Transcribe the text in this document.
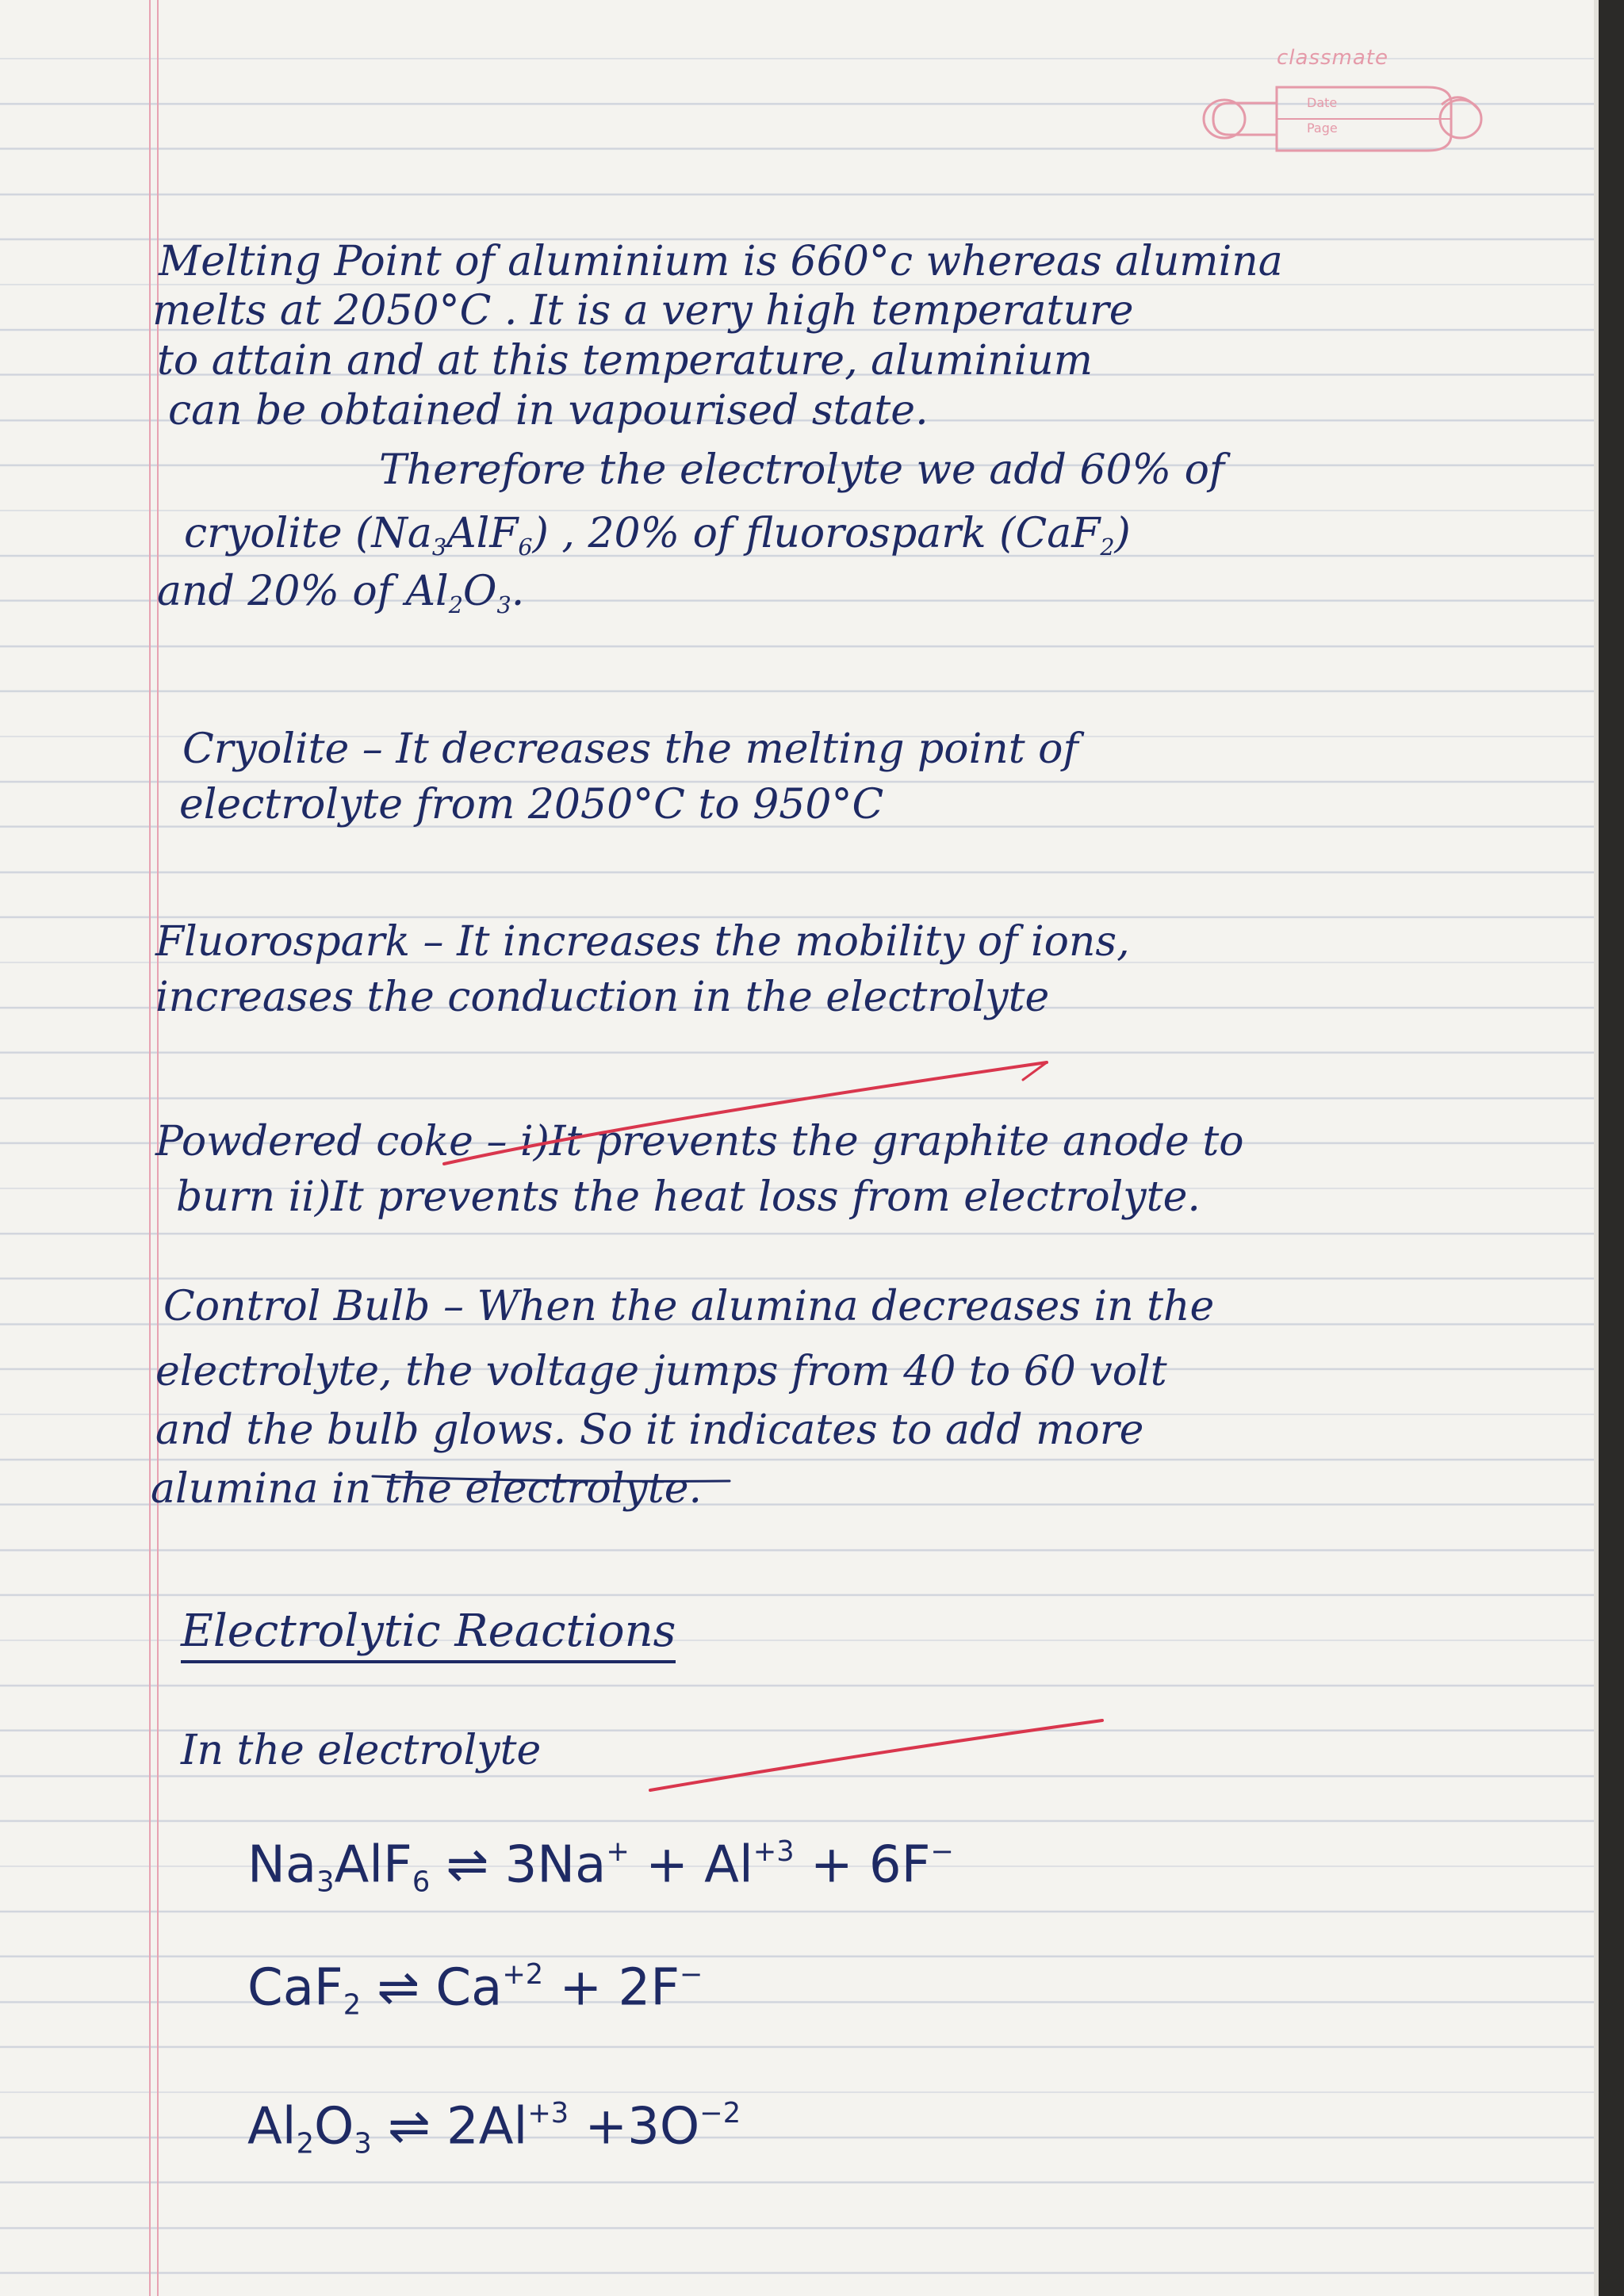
classmate
Date
Page
Melting Point of aluminium is 660°c whereas alumina
melts at 2050°C . It is a very high temperature
to attain and at this temperature, aluminium
can be obtained in vapourised state.
Therefore the electrolyte we add 60% of
cryolite $(Na_3AlF_6)$ , 20% of fluorospark (CaF$_2$)
and 20% of $Al_2O_3$.
Cryolite – It decreases the melting point of
electrolyte from 2050°C to 950°C
Fluorospark – It increases the mobility of ions,
increases the conduction in the electrolyte
Powdered coke – i)It prevents the graphite anode to
burn ii)It prevents the heat loss from electrolyte.
Control Bulb – When the alumina decreases in the
electrolyte, the voltage jumps from 40 to 60 volt
and the bulb glows. So it indicates to add more
alumina in the electrolyte.
Electrolytic Reactions
In the electrolyte
$Na_3AlF_6$ ⇌ $3Na^+ + Al^{+3} + 6F^-$
CaF$_2$ ⇌ $Ca^{+2} + 2F^-$
$Al_2O_3$ ⇌ $2Al^{+3} +3O^{-2}$
